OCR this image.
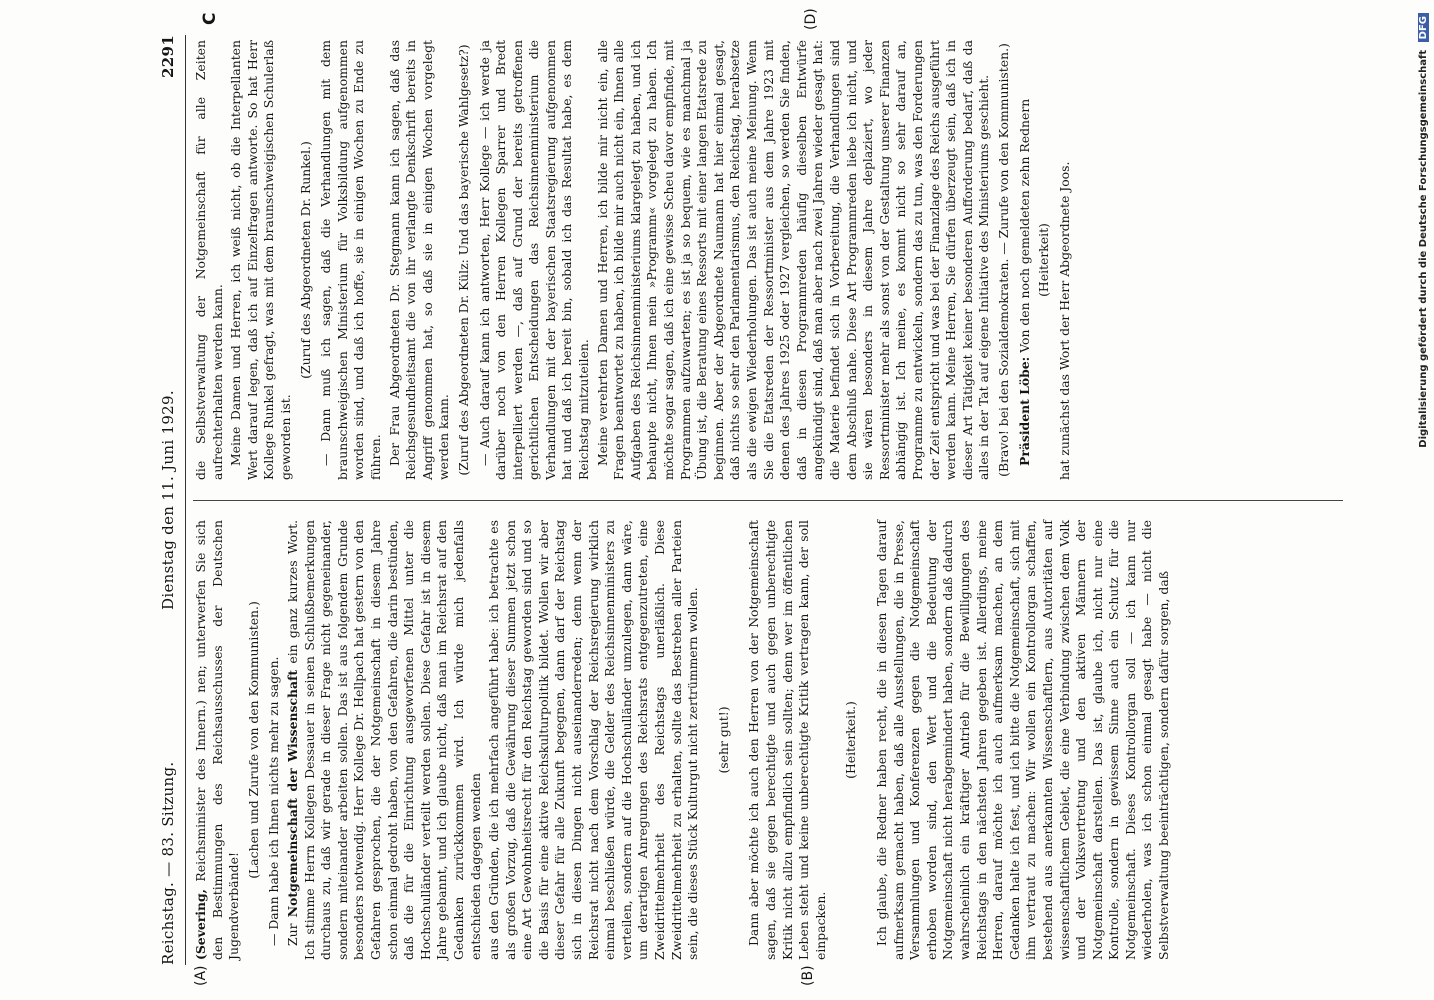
Reichstag. — 83. Sitzung.
Dienstag den 11. Juni 1929.
2291
(A)	(B)
C	(D)

(Severing, Reichsminister des Innern.) nen; unterwerfen Sie sich den Bestimmungen des Reichsausschusses der Deutschen Jugendverbände!

(Lachen und Zurufe von den Kommunisten.) — Dann habe ich Ihnen nichts mehr zu sagen. Zur Notgemeinschaft der Wissenschaft ein ganz kurzes Wort. Ich stimme Herrn Kollegen Dessauer in seinen Schlußbemerkungen durchaus zu, daß wir gerade in dieser Frage nicht gegeneinander, sondern miteinander arbeiten sollen. Das ist aus folgendem Grunde besonders notwendig. Herr Kollege Dr. Hellpach hat gestern von den Gefahren gesprochen, die der Notgemeinschaft in diesem Jahre schon einmal gedroht haben, von den Gefahren, die darin bestünden, daß die für die Einrichtung ausgeworfenen Mittel unter die Hochschulländer verteilt werden sollen. Diese Gefahr ist in diesem Jahre gebannt, und ich glaube nicht, daß man im Reichsrat auf den Gedanken zurückkommen wird. Ich würde mich jedenfalls entschieden dagegen wenden aus den Gründen, die ich mehrfach angeführt habe: ich betrachte es als großen Vorzug, daß die Gewährung dieser Summen jetzt schon eine Art Gewohnheitsrecht für den Reichstag geworden sind und so die Basis für eine aktive Reichskulturpolitik bildet. Wollen wir aber dieser Gefahr für alle Zukunft begegnen, dann darf der Reichstag sich in diesen Dingen nicht auseinanderreden; denn wenn der Reichsrat nicht nach dem Vorschlag der Reichsregierung wirklich einmal beschließen würde, die Gelder des Reichsinnenministers zu verteilen, sondern auf die Hochschulländer umzulegen, dann wäre, um derartigen Anregungen des Reichsrats entgegenzutreten, eine Zweidrittelmehrheit des Reichstags unerläßlich. Diese Zweidrittelmehrheit zu erhalten, sollte das Bestreben aller Parteien sein, die dieses Stück Kulturgut nicht zertrümmern wollen. (sehr gut!) Dann aber möchte ich auch den Herren von der Notgemeinschaft sagen, daß sie gegen berechtigte und auch gegen unberechtigte Kritik nicht allzu empfindlich sein sollten; denn wer im öffentlichen Leben steht und keine unberechtigte Kritik vertragen kann, der soll einpacken.

(Heiterkeit.) Ich glaube, die Redner haben recht, die in diesen Tagen darauf aufmerksam gemacht haben, daß alle Ausstellungen, die in Presse, Versammlungen und Konferenzen gegen die Notgemeinschaft erhoben worden sind, den Wert und die Bedeutung der Notgemeinschaft nicht herabgemindert haben, sondern daß dadurch wahrscheinlich ein kräftiger Antrieb für die Bewilligungen des Reichstags in den nächsten Jahren gegeben ist. Allerdings, meine Herren, darauf möchte ich auch aufmerksam machen, an dem Gedanken halte ich fest, und ich bitte die Notgemeinschaft, sich mit ihm vertraut zu machen: Wir wollen ein Kontrollorgan schaffen, bestehend aus anerkannten Wissenschaftlern, aus Autoritäten auf wissenschaftlichem Gebiet, die eine Verbindung zwischen dem Volk und der Volksvertretung und den aktiven Männern der Notgemeinschaft darstellen. Das ist, glaube ich, nicht nur eine Kontrolle, sondern in gewissem Sinne auch ein Schutz für die Notgemeinschaft. Dieses Kontrollorgan soll — ich kann nur wiederholen, was ich schon einmal gesagt habe — nicht die Selbstverwaltung beeinträchtigen, sondern dafür sorgen, daß

die Selbstverwaltung der Notgemeinschaft für alle Zeiten aufrechterhalten werden kann. Meine Damen und Herren, ich weiß nicht, ob die Interpellanten Wert darauf legen, daß ich auf Einzelfragen antworte. So hat Herr Kollege Runkel gefragt, was mit dem braunschweigischen Schulerlaß geworden ist.

(Zuruf des Abgeordneten Dr. Runkel.) — Dann muß ich sagen, daß die Verhandlungen mit dem braunschweigischen Ministerium für Volksbildung aufgenommen worden sind, und daß ich hoffe, sie in einigen Wochen zu Ende zu führen. Der Frau Abgeordneten Dr. Stegmann kann ich sagen, daß das Reichsgesundheitsamt die von ihr verlangte Denkschrift bereits in Angriff genommen hat, so daß sie in einigen Wochen vorgelegt werden kann. (Zuruf des Abgeordneten Dr. Külz: Und das bayerische Wahlgesetz?) — Auch darauf kann ich antworten, Herr Kollege — ich werde ja darüber noch von den Herren Kollegen Sparrer und Bredt interpelliert werden —, daß auf Grund der bereits getroffenen gerichtlichen Entscheidungen das Reichsinnenministerium die Verhandlungen mit der bayerischen Staatsregierung aufgenommen hat und daß ich bereit bin, sobald ich das Resultat habe, es dem Reichstag mitzuteilen. Meine verehrten Damen und Herren, ich bilde mir nicht ein, alle Fragen beantwortet zu haben, ich bilde mir auch nicht ein, Ihnen alle Aufgaben des Reichsinnenministeriums klargelegt zu haben, und ich behaupte nicht, Ihnen mein »Programm« vorgelegt zu haben. Ich möchte sogar sagen, daß ich eine gewisse Scheu davor empfinde, mit Programmen aufzuwarten; es ist ja so bequem, wie es manchmal ja Übung ist, die Beratung eines Ressorts mit einer langen Etatsrede zu beginnen. Aber der Abgeordnete Naumann hat hier einmal gesagt, daß nichts so sehr den Parlamentarismus, den Reichstag, herabsetze als die ewigen Wiederholungen. Das ist auch meine Meinung. Wenn Sie die Etatsreden der Ressortminister aus dem Jahre 1923 mit denen des Jahres 1925 oder 1927 vergleichen, so werden Sie finden, daß in diesen Programmreden häufig dieselben Entwürfe angekündigt sind, daß man aber nach zwei Jahren wieder gesagt hat: die Materie befindet sich in Vorbereitung, die Verhandlungen sind dem Abschluß nahe. Diese Art Programmreden liebe ich nicht, und sie wären besonders in diesem Jahre deplaziert, wo jeder Ressortminister mehr als sonst von der Gestaltung unserer Finanzen abhängig ist. Ich meine, es kommt nicht so sehr darauf an, Programme zu entwickeln, sondern das zu tun, was den Forderungen der Zeit entspricht und was bei der Finanzlage des Reichs ausgeführt werden kann. Meine Herren, Sie dürfen überzeugt sein, daß ich in dieser Art Tätigkeit keiner besonderen Aufforderung bedarf, daß da alles in der Tat auf eigene Initiative des Ministeriums geschieht. (Bravo! bei den Sozialdemokraten. — Zurufe von den Kommunisten.) Präsident Löbe: Von den noch gemeldeten zehn Rednern (Heiterkeit) hat zunächst das Wort der Herr Abgeordnete Joos.	Digitalisierung gefördert durch die Deutsche Forschungsgemeinschaft DFG
